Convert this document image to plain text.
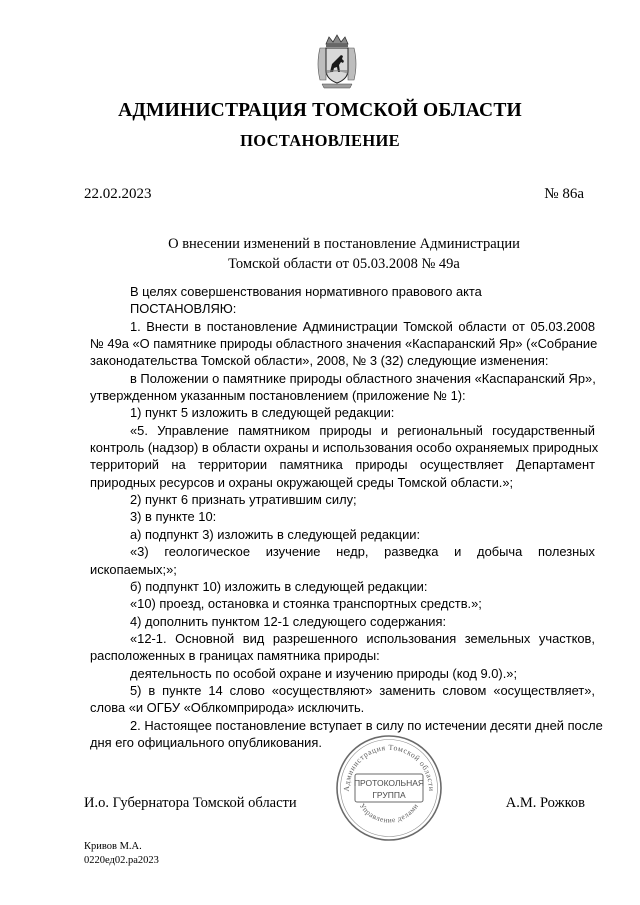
АДМИНИСТРАЦИЯ ТОМСКОЙ ОБЛАСТИ
ПОСТАНОВЛЕНИЕ
22.02.2023	№ 86а
О внесении изменений в постановление Администрации
Томской области от 05.03.2008 № 49а
В целях совершенствования нормативного правового акта
ПОСТАНОВЛЯЮ:
1. Внести в постановление Администрации Томской области от 05.03.2008
№ 49а «О памятнике природы областного значения «Каспаранский Яр» («Собрание
законодательства Томской области», 2008, № 3 (32) следующие изменения:
в Положении о памятнике природы областного значения «Каспаранский Яр»,
утвержденном указанным постановлением (приложение № 1):
1) пункт 5 изложить в следующей редакции:
«5. Управление памятником природы и региональный государственный
контроль (надзор) в области охраны и использования особо охраняемых природных
территорий на территории памятника природы осуществляет Департамент
природных ресурсов и охраны окружающей среды Томской области.»;
2) пункт 6 признать утратившим силу;
3) в пункте 10:
а) подпункт 3) изложить в следующей редакции:
«3) геологическое изучение недр, разведка и добыча полезных
ископаемых;»;
б) подпункт 10) изложить в следующей редакции:
«10) проезд, остановка и стоянка транспортных средств.»;
4) дополнить пунктом 12-1 следующего содержания:
«12-1. Основной вид разрешенного использования земельных участков,
расположенных в границах памятника природы:
деятельность по особой охране и изучению природы (код 9.0).»;
5) в пункте 14 слово «осуществляют» заменить словом «осуществляет»,
слова «и ОГБУ «Облкомприрода» исключить.
2. Настоящее постановление вступает в силу по истечении десяти дней после
дня его официального опубликования.
И.о. Губернатора Томской области	А.М. Рожков
Администрация Томской области
Управление делами
ПРОТОКОЛЬНАЯ
ГРУППА
Кривов М.А.
0220ед02.ра2023
